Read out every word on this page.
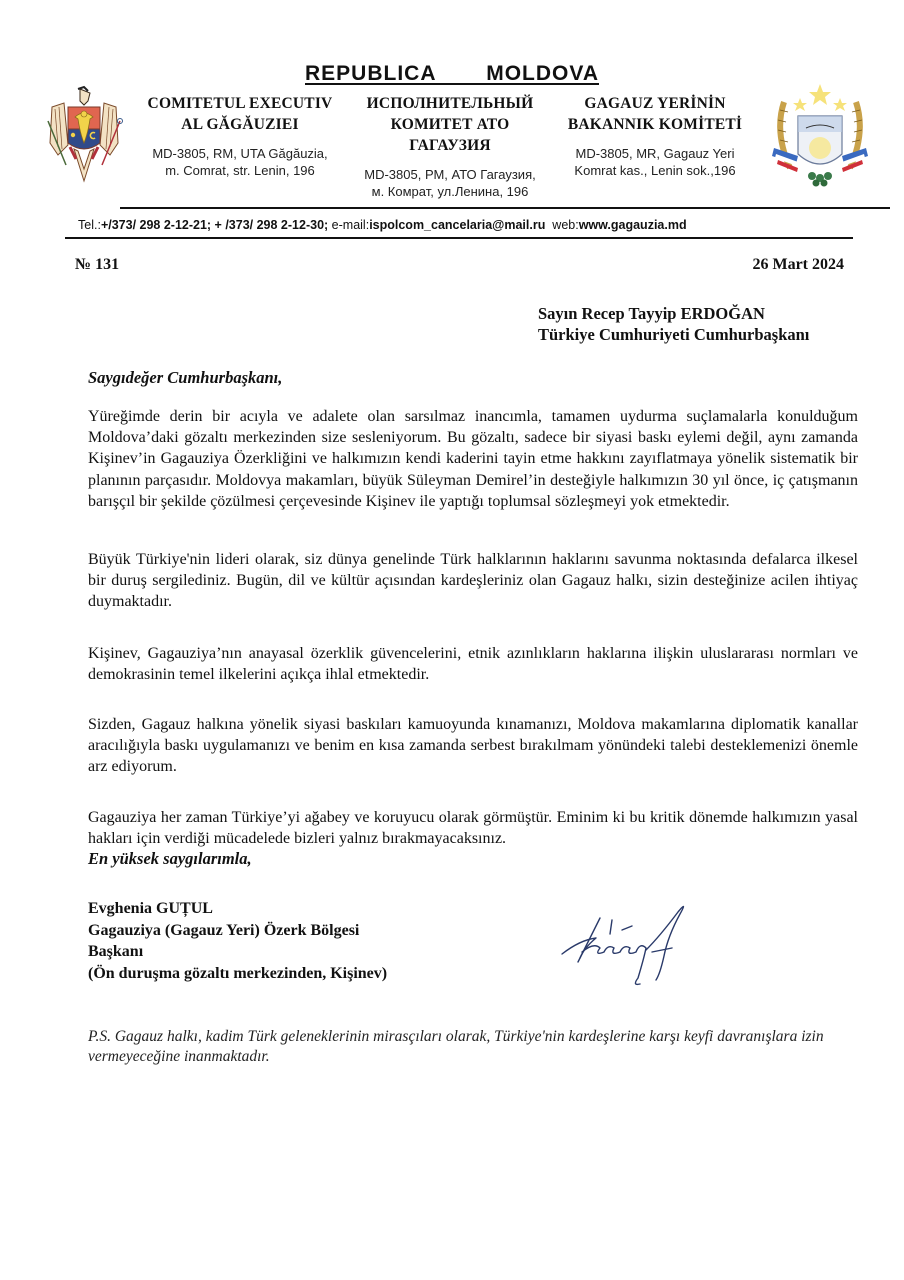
REPUBLICA   MOLDOVA
COMITETUL EXECUTIV
AL GĂGĂUZIEI
MD-3805, RM, UTA Găgăuzia,
m. Comrat, str. Lenin, 196
ИСПОЛНИТЕЛЬНЫЙ
КОМИТЕТ АТО ГАГАУЗИЯ
MD-3805, РМ, АТО Гагаузия,
м. Комрат, ул.Ленина, 196
GAGAUZ YERİNİN
BAKANNIK KOMİTETİ
MD-3805, MR, Gagauz Yeri
Komrat kas., Lenin sok.,196
Tel.:+/373/ 298 2-12-21; + /373/ 298 2-12-30; e-mail:ispolcom_cancelaria@mail.ru web:www.gagauzia.md
№ 131	26 Mart 2024
Sayın Recep Tayyip ERDOĞAN
Türkiye Cumhuriyeti Cumhurbaşkanı
Saygıdeğer Cumhurbaşkanı,
Yüreğimde derin bir acıyla ve adalete olan sarsılmaz inancımla, tamamen uydurma suçlamalarla konulduğum Moldova’daki gözaltı merkezinden size sesleniyorum. Bu gözaltı, sadece bir siyasi baskı eylemi değil, aynı zamanda Kişinev’in Gagauziya Özerkliğini ve halkımızın kendi kaderini tayin etme hakkını zayıflatmaya yönelik sistematik bir planının parçasıdır. Moldovya makamları, büyük Süleyman Demirel’in desteğiyle halkımızın 30 yıl önce, iç çatışmanın barışçıl bir şekilde çözülmesi çerçevesinde Kişinev ile yaptığı toplumsal sözleşmeyi yok etmektedir.
Büyük Türkiye'nin lideri olarak, siz dünya genelinde Türk halklarının haklarını savunma noktasında defalarca ilkesel bir duruş sergilediniz. Bugün, dil ve kültür açısından kardeşleriniz olan Gagauz halkı, sizin desteğinize acilen ihtiyaç duymaktadır.
Kişinev, Gagauziya’nın anayasal özerklik güvencelerini, etnik azınlıkların haklarına ilişkin uluslararası normları ve demokrasinin temel ilkelerini açıkça ihlal etmektedir.
Sizden, Gagauz halkına yönelik siyasi baskıları kamuoyunda kınamanızı, Moldova makamlarına diplomatik kanallar aracılığıyla baskı uygulamanızı ve benim en kısa zamanda serbest bırakılmam yönündeki talebi desteklemenizi önemle arz ediyorum.
Gagauziya her zaman Türkiye’yi ağabey ve koruyucu olarak görmüştür. Eminim ki bu kritik dönemde halkımızın yasal hakları için verdiği mücadelede bizleri yalnız bırakmayacaksınız.
En yüksek saygılarımla,
Evghenia GUȚUL
Gagauziya (Gagauz Yeri) Özerk Bölgesi
Başkanı
(Ön duruşma gözaltı merkezinden, Kişinev)
P.S. Gagauz halkı, kadim Türk geleneklerinin mirasçıları olarak, Türkiye'nin kardeşlerine karşı keyfi davranışlara izin vermeyeceğine inanmaktadır.
